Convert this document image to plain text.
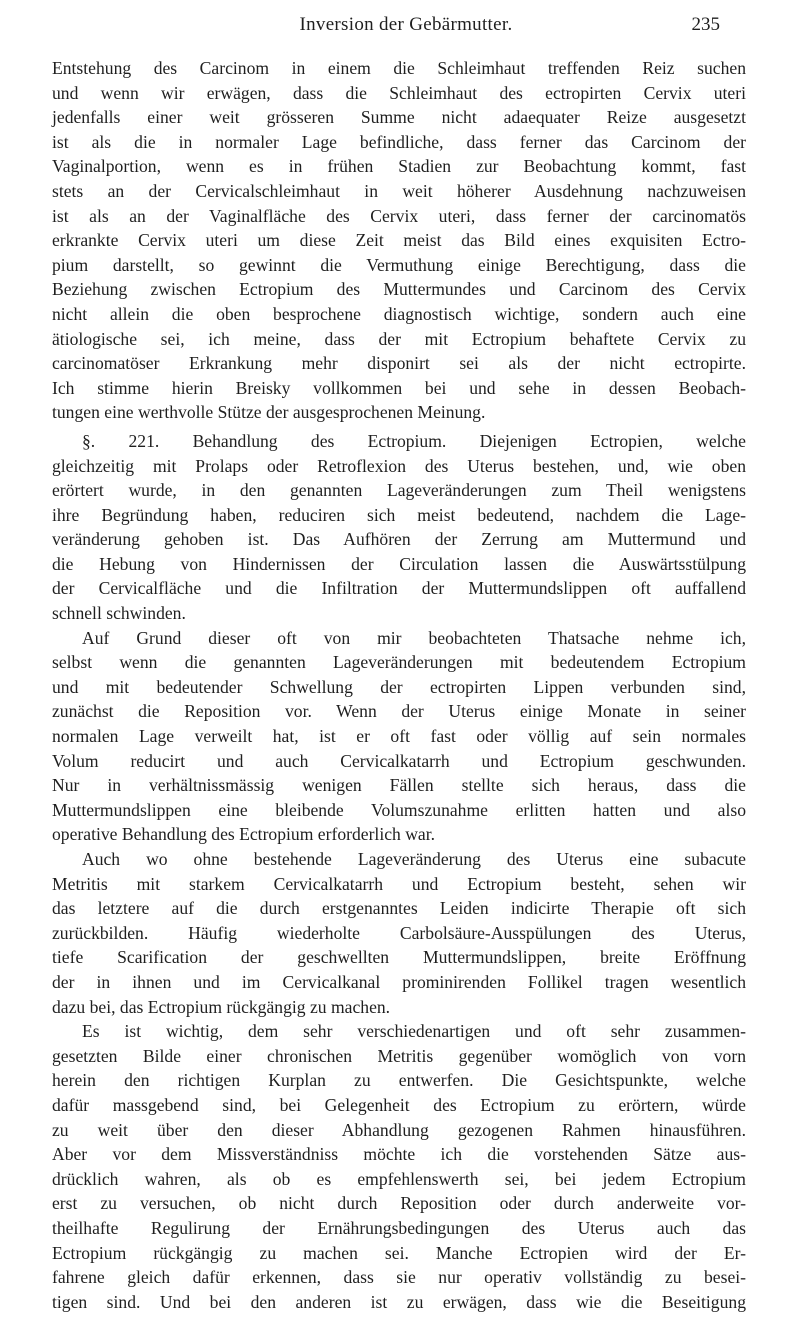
Inversion der Gebärmutter.	235
Entstehung des Carcinom in einem die Schleimhaut treffenden Reiz suchen
und wenn wir erwägen, dass die Schleimhaut des ectropirten Cervix uteri
jedenfalls einer weit grösseren Summe nicht adaequater Reize ausgesetzt
ist als die in normaler Lage befindliche, dass ferner das Carcinom der
Vaginalportion, wenn es in frühen Stadien zur Beobachtung kommt, fast
stets an der Cervicalschleimhaut in weit höherer Ausdehnung nachzuweisen
ist als an der Vaginalfläche des Cervix uteri, dass ferner der carcinomatös
erkrankte Cervix uteri um diese Zeit meist das Bild eines exquisiten Ectro-
pium darstellt, so gewinnt die Vermuthung einige Berechtigung, dass die
Beziehung zwischen Ectropium des Muttermundes und Carcinom des Cervix
nicht allein die oben besprochene diagnostisch wichtige, sondern auch eine
ätiologische sei, ich meine, dass der mit Ectropium behaftete Cervix zu
carcinomatöser Erkrankung mehr disponirt sei als der nicht ectropirte.
Ich stimme hierin Breisky vollkommen bei und sehe in dessen Beobach-
tungen eine werthvolle Stütze der ausgesprochenen Meinung.
§. 221. Behandlung des Ectropium. Diejenigen Ectropien, welche
gleichzeitig mit Prolaps oder Retroflexion des Uterus bestehen, und, wie oben
erörtert wurde, in den genannten Lageveränderungen zum Theil wenigstens
ihre Begründung haben, reduciren sich meist bedeutend, nachdem die Lage-
veränderung gehoben ist. Das Aufhören der Zerrung am Muttermund und
die Hebung von Hindernissen der Circulation lassen die Auswärtsstülpung
der Cervicalfläche und die Infiltration der Muttermundslippen oft auffallend
schnell schwinden.
Auf Grund dieser oft von mir beobachteten Thatsache nehme ich,
selbst wenn die genannten Lageveränderungen mit bedeutendem Ectropium
und mit bedeutender Schwellung der ectropirten Lippen verbunden sind,
zunächst die Reposition vor. Wenn der Uterus einige Monate in seiner
normalen Lage verweilt hat, ist er oft fast oder völlig auf sein normales
Volum reducirt und auch Cervicalkatarrh und Ectropium geschwunden.
Nur in verhältnissmässig wenigen Fällen stellte sich heraus, dass die
Muttermundslippen eine bleibende Volumszunahme erlitten hatten und also
operative Behandlung des Ectropium erforderlich war.
Auch wo ohne bestehende Lageveränderung des Uterus eine subacute
Metritis mit starkem Cervicalkatarrh und Ectropium besteht, sehen wir
das letztere auf die durch erstgenanntes Leiden indicirte Therapie oft sich
zurückbilden. Häufig wiederholte Carbolsäure-Ausspülungen des Uterus,
tiefe Scarification der geschwellten Muttermundslippen, breite Eröffnung
der in ihnen und im Cervicalkanal prominirenden Follikel tragen wesentlich
dazu bei, das Ectropium rückgängig zu machen.
Es ist wichtig, dem sehr verschiedenartigen und oft sehr zusammen-
gesetzten Bilde einer chronischen Metritis gegenüber womöglich von vorn
herein den richtigen Kurplan zu entwerfen. Die Gesichtspunkte, welche
dafür massgebend sind, bei Gelegenheit des Ectropium zu erörtern, würde
zu weit über den dieser Abhandlung gezogenen Rahmen hinausführen.
Aber vor dem Missverständniss möchte ich die vorstehenden Sätze aus-
drücklich wahren, als ob es empfehlenswerth sei, bei jedem Ectropium
erst zu versuchen, ob nicht durch Reposition oder durch anderweite vor-
theilhafte Regulirung der Ernährungsbedingungen des Uterus auch das
Ectropium rückgängig zu machen sei. Manche Ectropien wird der Er-
fahrene gleich dafür erkennen, dass sie nur operativ vollständig zu besei-
tigen sind. Und bei den anderen ist zu erwägen, dass wie die Beseitigung
